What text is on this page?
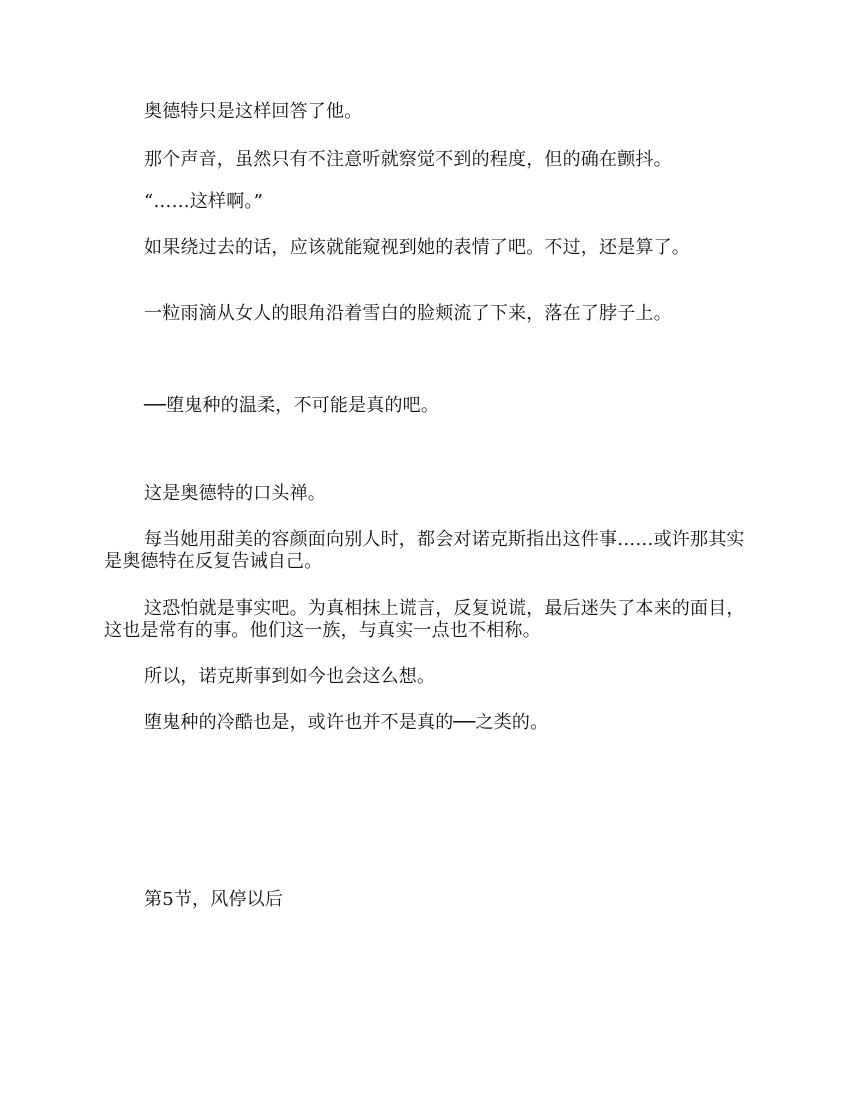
奥德特只是这样回答了他。

那个声音，虽然只有不注意听就察觉不到的程度，但的确在颤抖。

“……这样啊。”

如果绕过去的话，应该就能窥视到她的表情了吧。不过，还是算了。

一粒雨滴从女人的眼角沿着雪白的脸颊流了下来，落在了脖子上。

──堕鬼种的温柔，不可能是真的吧。

这是奥德特的口头禅。

每当她用甜美的容颜面向别人时，都会对诺克斯指出这件事……或许那其实是奥德特在反复告诫自己。

这恐怕就是事实吧。为真相抹上谎言，反复说谎，最后迷失了本来的面目，这也是常有的事。他们这一族，与真实一点也不相称。

所以，诺克斯事到如今也会这么想。

堕鬼种的冷酷也是，或许也并不是真的──之类的。

第5节，风停以后
